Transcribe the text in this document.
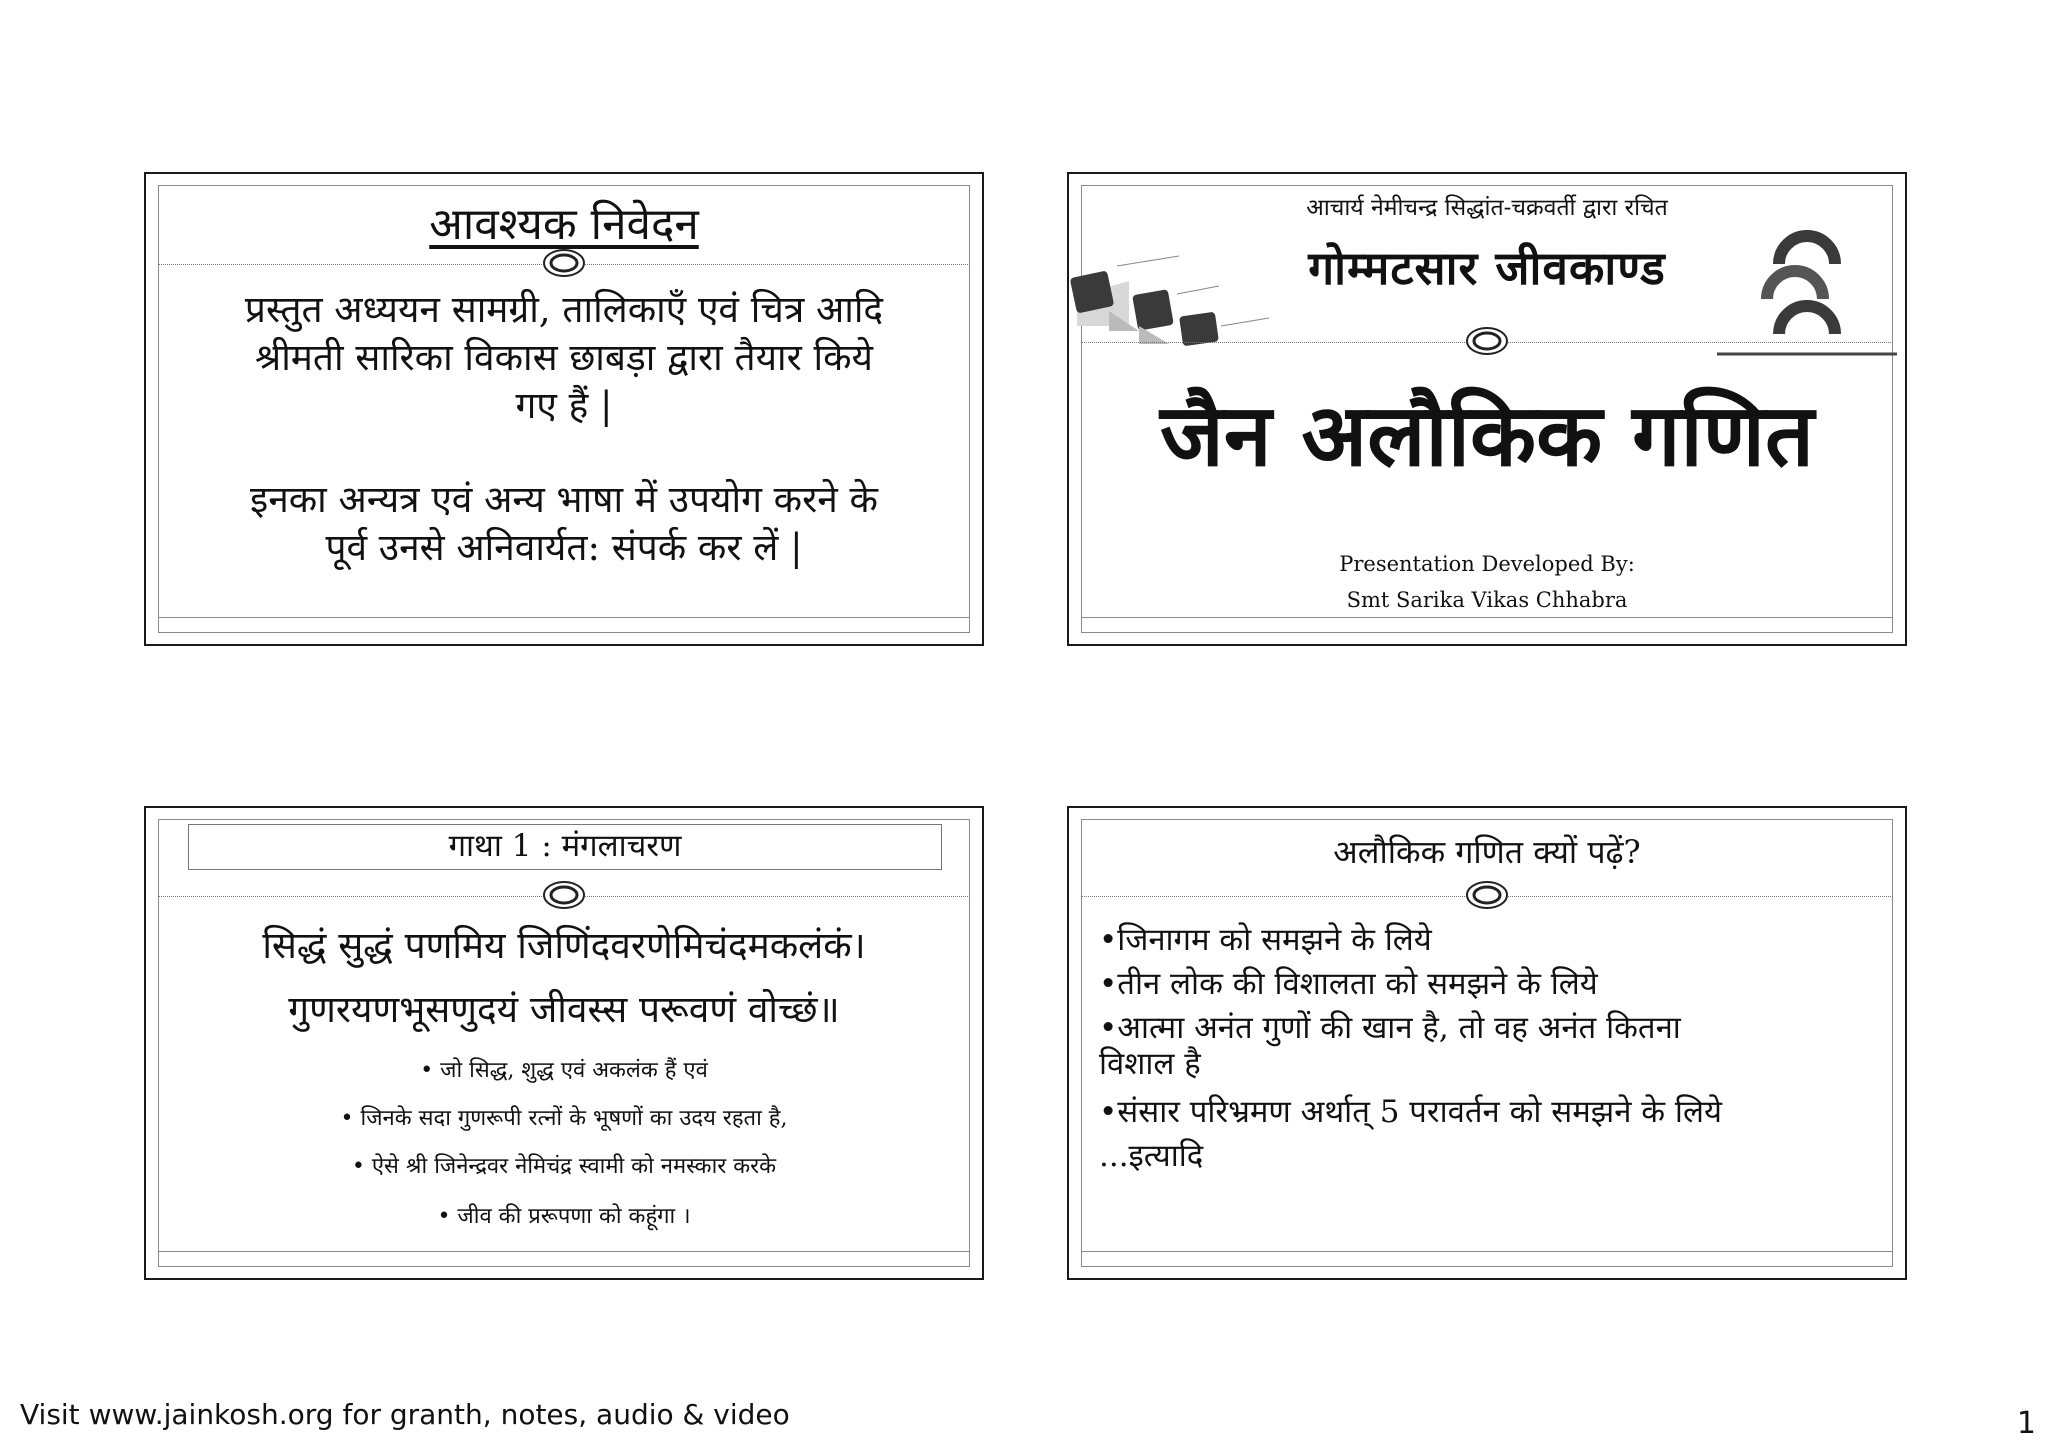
आवश्यक निवेदन
प्रस्तुत अध्ययन सामग्री, तालिकाएँ एवं चित्र आदि
श्रीमती सारिका विकास छाबड़ा द्वारा तैयार किये
गए हैं |
इनका अन्यत्र एवं अन्य भाषा में उपयोग करने के
पूर्व उनसे अनिवार्यत: संपर्क कर लें |
आचार्य नेमीचन्द्र सिद्धांत-चक्रवर्ती द्वारा रचित
गोम्मटसार जीवकाण्ड
जैन अलौकिक गणित
Presentation Developed By:
Smt Sarika Vikas Chhabra
गाथा 1 : मंगलाचरण
सिद्धं सुद्धं पणमिय जिणिंदवरणेमिचंदमकलंकं।
गुणरयणभूसणुदयं जीवस्स परूवणं वोच्छं॥
• जो सिद्ध, शुद्ध एवं अकलंक हैं एवं
• जिनके सदा गुणरूपी रत्नों के भूषणों का उदय रहता है,
• ऐसे श्री जिनेन्द्रवर नेमिचंद्र स्वामी को नमस्कार करके
• जीव की प्ररूपणा को कहूंगा ।
अलौकिक गणित क्यों पढ़ें?
•जिनागम को समझने के लिये
•तीन लोक की विशालता को समझने के लिये
•आत्मा अनंत गुणों की खान है, तो वह अनंत कितना
विशाल है
•संसार परिभ्रमण अर्थात् 5 परावर्तन को समझने के लिये
...इत्यादि
Visit www.jainkosh.org for granth, notes, audio & video	1
